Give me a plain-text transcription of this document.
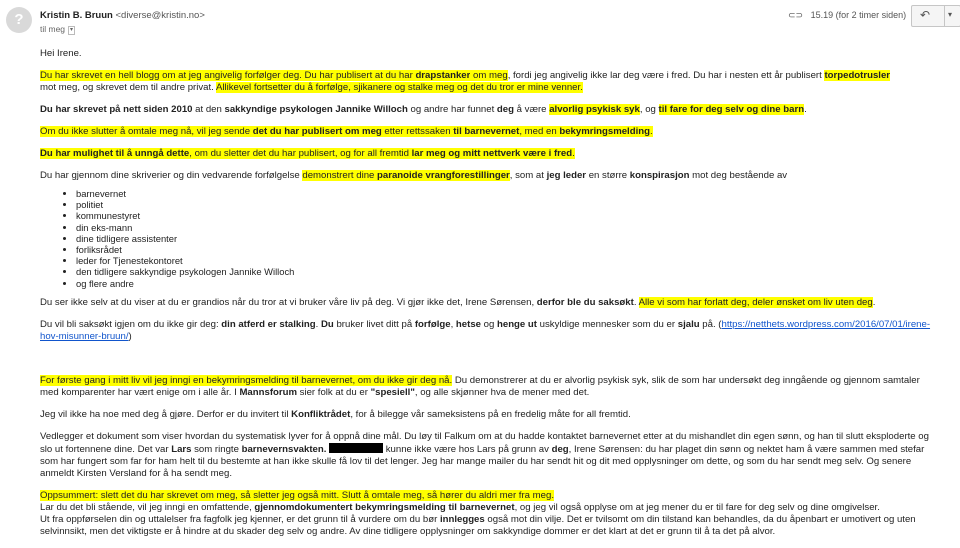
?	Kristin B. Bruun <diverse@kristin.no>
til meg ▾
⊂⊃ 15.19 (for 2 timer siden) ↶ ▾

Hei Irene.

Du har skrevet en hell blogg om at jeg angivelig forfølger deg. Du har publisert at du har drapstanker om meg, fordi jeg angivelig ikke lar deg være i fred. Du har i nesten ett år publisert torpedotrusler
mot meg, og skrevet dem til andre privat. Allikevel fortsetter du å forfølge, sjikanere og stalke meg og det du tror er mine venner.

Du har skrevet på nett siden 2010 at den sakkyndige psykologen Jannike Willoch og andre har funnet deg å være alvorlig psykisk syk, og til fare for deg selv og dine barn.

Om du ikke slutter å omtale meg nå, vil jeg sende det du har publisert om meg etter rettssaken til barnevernet, med en bekymringsmelding.

Du har mulighet til å unngå dette, om du sletter det du har publisert, og for all fremtid lar meg og mitt nettverk være i fred.

Du har gjennom dine skriverier og din vedvarende forfølgelse demonstrert dine paranoide vrangforestillinger, som at jeg leder en større konspirasjon mot deg bestående av

• barnevernet
• politiet
• kommunestyret
• din eks-mann
• dine tidligere assistenter
• forliksrådet
• leder for Tjenestekontoret
• den tidligere sakkyndige psykologen Jannike Willoch
• og flere andre

Du ser ikke selv at du viser at du er grandios når du tror at vi bruker våre liv på deg. Vi gjør ikke det, Irene Sørensen, derfor ble du saksøkt. Alle vi som har forlatt deg, deler ønsket om liv uten deg.

Du vil bli saksøkt igjen om du ikke gir deg: din atferd er stalking. Du bruker livet ditt på forfølge, hetse og henge ut uskyldige mennesker som du er sjalu på. (https://netthets.wordpress.com/2016/07/01/irene-hov-misunner-bruun/)

For første gang i mitt liv vil jeg inngi en bekymringsmelding til barnevernet, om du ikke gir deg nå. Du demonstrerer at du er alvorlig psykisk syk, slik de som har undersøkt deg inngående og gjennom samtaler med komparenter har vært enige om i alle år. I Mannsforum sier folk at du er "spesiell", og alle skjønner hva de mener med det.

Jeg vil ikke ha noe med deg å gjøre. Derfor er du invitert til Konfliktrådet, for å bilegge vår sameksistens på en fredelig måte for all fremtid.

Vedlegger et dokument som viser hvordan du systematisk lyver for å oppnå dine mål. Du løy til Falkum om at du hadde kontaktet barnevernet etter at du mishandlet din egen sønn, og han til slutt eksploderte og slo ut fortennene dine. Det var Lars som ringte barnevernsvakten.	kunne ikke være hos Lars på grunn av deg, Irene Sørensen: du har plaget din sønn og nektet ham å være sammen med stefar som har fungert som far for ham helt til du bestemte at han ikke skulle få lov til det lenger. Jeg har mange mailer du har sendt hit og dit med opplysninger om dette, og som du har sendt meg selv. Og senere anmeldt Kirsten Versland for å ha sendt meg.

Oppsummert: slett det du har skrevet om meg, så sletter jeg også mitt. Slutt å omtale meg, så hører du aldri mer fra meg.
Lar du det bli stående, vil jeg inngi en omfattende, gjennomdokumentert bekymringsmelding til barnevernet, og jeg vil også opplyse om at jeg mener du er til fare for deg selv og dine omgivelser.
Ut fra oppførselen din og uttalelser fra fagfolk jeg kjenner, er det grunn til å vurdere om du bør innlegges også mot din vilje. Det er tvilsomt om din tilstand kan behandles, da du åpenbart er umotivert og uten selvinnsikt, men det viktigste er å hindre at du skader deg selv og andre. Av dine tidligere opplysninger om sakkyndige dommer er det klart at det er grunn til å ta det på alvor.
